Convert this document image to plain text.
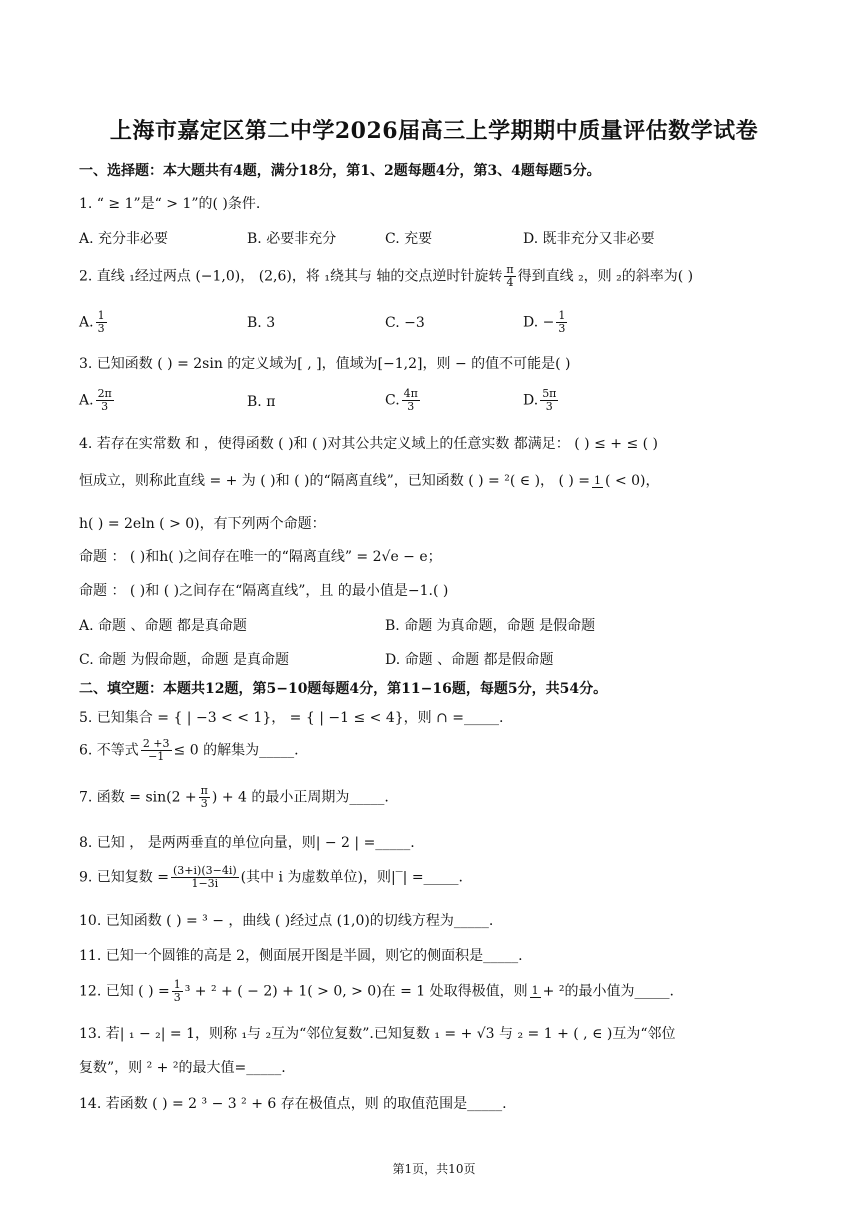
上海市嘉定区第二中学2026届高三上学期期中质量评估数学试卷
一、选择题：本大题共有4题，满分18分，第1、2题每题4分，第3、4题每题5分。
1. “ ≥ 1”是“ > 1”的( )条件.
A. 充分非必要	B. 必要非充分	C. 充要	D. 既非充分又非必要
2. 直线 ₁经过两点 (−1,0)， (2,6)，将 ₁绕其与 轴的交点逆时针旋转 $\frac{\pi}{4}$ 得到直线 ₂，则 ₂的斜率为( )
A. $\frac{1}{3}$	B. 3	C. −3	D. − $\frac{1}{3}$
3. 已知函数 ( ) = 2sin 的定义域为[ , ]，值域为[−1,2]，则 − 的值不可能是( )
A. $\frac{2\pi}{3}$	B. π	C. $\frac{4\pi}{3}$	D. $\frac{5\pi}{3}$
4. 若存在实常数 和 ，使得函数 ( )和 ( )对其公共定义域上的任意实数 都满足： ( ) ≤ + ≤ ( )
恒成立，则称此直线 = + 为 ( )和 ( )的“隔离直线”，已知函数 ( ) = ²( ∈ )， ( ) = 1 ( < 0)，
h( ) = 2eln ( > 0)，有下列两个命题：
命题 ： ( )和h( )之间存在唯一的“隔离直线” = 2√e − e；
命题 ： ( )和 ( )之间存在“隔离直线”，且 的最小值是−1.( )
A. 命题 、命题 都是真命题	B. 命题 为真命题，命题 是假命题
C. 命题 为假命题，命题 是真命题	D. 命题 、命题 都是假命题
二、填空题：本题共12题，第5−10题每题4分，第11−16题，每题5分，共54分。
5. 已知集合 = { | −3 < < 1}， = { | −1 ≤ < 4}，则 ∩ =_____.
6. 不等式 $\frac{2 +3}{-1} \le 0$ 的解集为_____.
7. 函数 = $\sin(2 + \frac{\pi}{3}$ ) + 4 的最小正周期为_____.
8. 已知 ， 是两两垂直的单位向量，则| − 2 | =_____.
9. 已知复数 = $\frac{(3+i)(3-4i)}{1-3i}$ (其中 i 为虚数单位)，则|‾| =_____.
10. 已知函数 ( ) = ³ − ，曲线 ( )经过点 (1,0)的切线方程为_____.
11. 已知一个圆锥的高是 2，侧面展开图是半圆，则它的侧面积是_____.
12. 已知 ( ) = $\frac{1}{3} ^3 + ^2$ + ( − 2) + 1( > 0, > 0)在 = 1 处取得极值，则 1 + ²的最小值为_____.
13. 若| ₁ − ₂| = 1，则称 ₁与 ₂互为“邻位复数”.已知复数 ₁ = + √3 与 ₂ = 1 + ( , ∈ )互为“邻位
复数”，则 ² + ²的最大值=_____.
14. 若函数 ( ) = 2 ³ − 3 ² + 6 存在极值点，则 的取值范围是_____.
第1页，共10页
